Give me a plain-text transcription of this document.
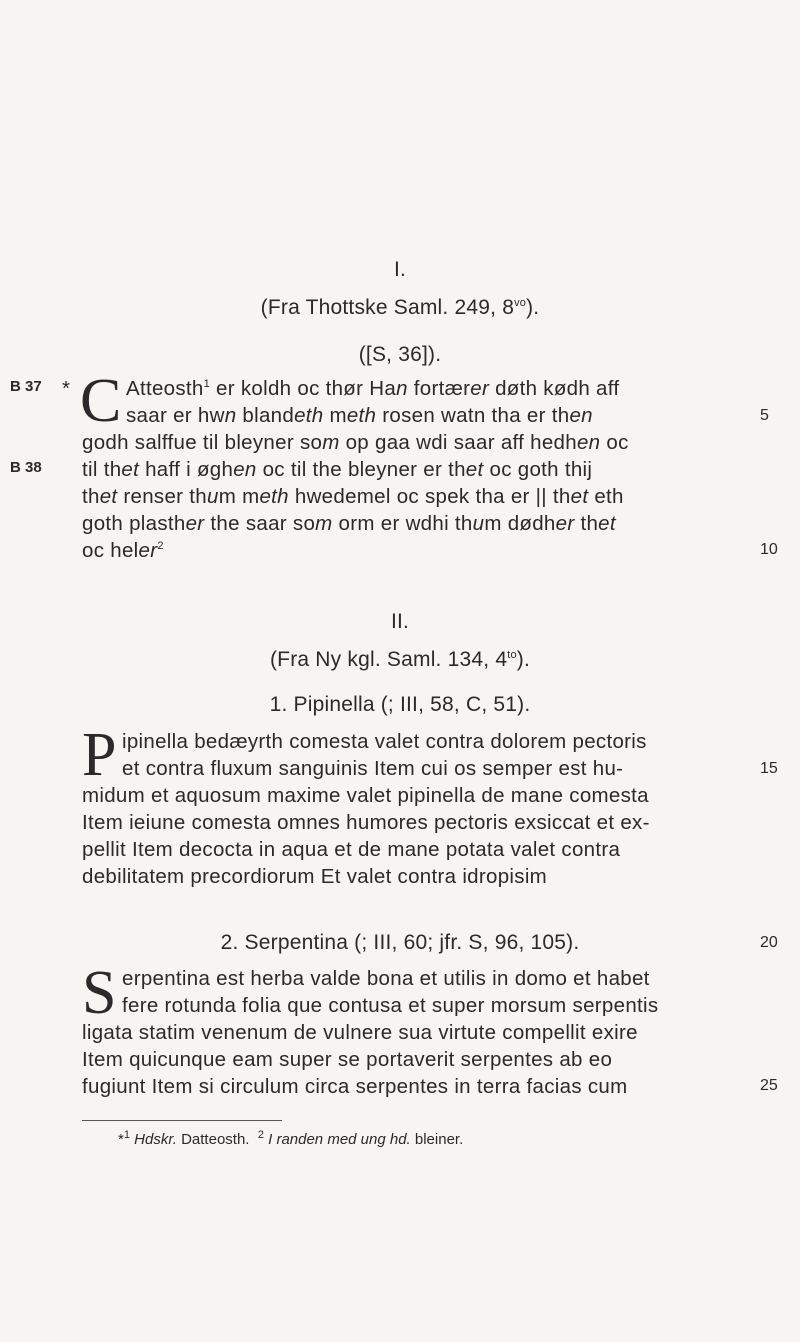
I.
(Fra Thottske Saml. 249, $8^{vo}$).
([S, 36]).
B 37
B 38
* C Atteosth$^1$ er koldh oc thør Han fortærer døth kødh aff
saar er hwn blandeth meth rosen watn tha er then
godh salffue til bleyner som op gaa wdi saar aff hedhen oc
til thet haff i øghen oc til the bleyner er thet oc goth thij
thet renser thum meth hwedemel oc spek tha er || thet eth
goth plasther the saar som orm er wdhi thum dødher thet
oc heler$^2$
II.
(Fra Ny kgl. Saml. 134, $4^{to}$).
1. Pipinella (; III, 58, C, 51).
P ipinella bedæyrth comesta valet contra dolorem pectoris
et contra fluxum sanguinis Item cui os semper est hu-
midum et aquosum maxime valet pipinella de mane comesta
Item ieiune comesta omnes humores pectoris exsiccat et ex-
pellit Item decocta in aqua et de mane potata valet contra
debilitatem precordiorum Et valet contra idropisim
2. Serpentina (; III, 60; jfr. S, 96, 105).
S erpentina est herba valde bona et utilis in domo et habet
fere rotunda folia que contusa et super morsum serpentis
ligata statim venenum de vulnere sua virtute compellit exire
Item quicunque eam super se portaverit serpentes ab eo
fugiunt Item si circulum circa serpentes in terra facias cum
5
10
15
20
25
*$^1$ Hdskr. Datteosth. $^2$ I randen med ung hd. bleiner.
